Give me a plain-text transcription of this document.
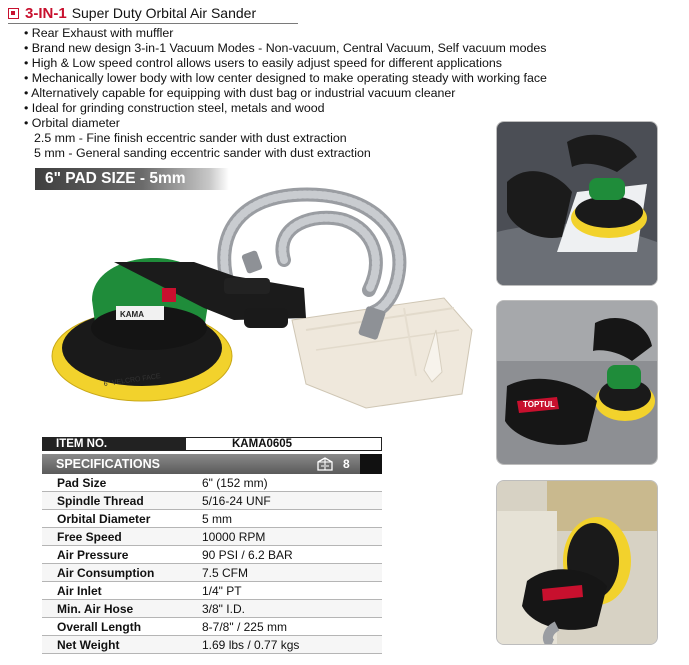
3-IN-1 Super Duty Orbital Air Sander
• Rear Exhaust with muffler
• Brand new design 3-in-1 Vacuum Modes - Non-vacuum, Central Vacuum, Self vacuum modes
• High & Low speed control allows users to easily adjust speed for different applications
• Mechanically lower body with low center designed to make operating steady with working face
• Alternatively capable for equipping with dust bag or industrial vacuum cleaner
• Ideal for grinding construction steel, metals and wood
• Orbital diameter
2.5 mm - Fine finish eccentric sander with dust extraction
5 mm - General sanding eccentric sander with dust extraction
6" PAD SIZE - 5mm
6" VELCRO FACE
KAMA
TOPTUL
ITEM NO.	KAMA0605
SPECIFICATIONS	8
Pad Size	6" (152 mm)
Spindle Thread	5/16-24 UNF
Orbital Diameter	5 mm
Free Speed	10000 RPM
Air Pressure	90 PSI / 6.2 BAR
Air Consumption	7.5 CFM
Air Inlet	1/4" PT
Min. Air Hose	3/8" I.D.
Overall Length	8-7/8" / 225 mm
Net Weight	1.69 lbs / 0.77 kgs
